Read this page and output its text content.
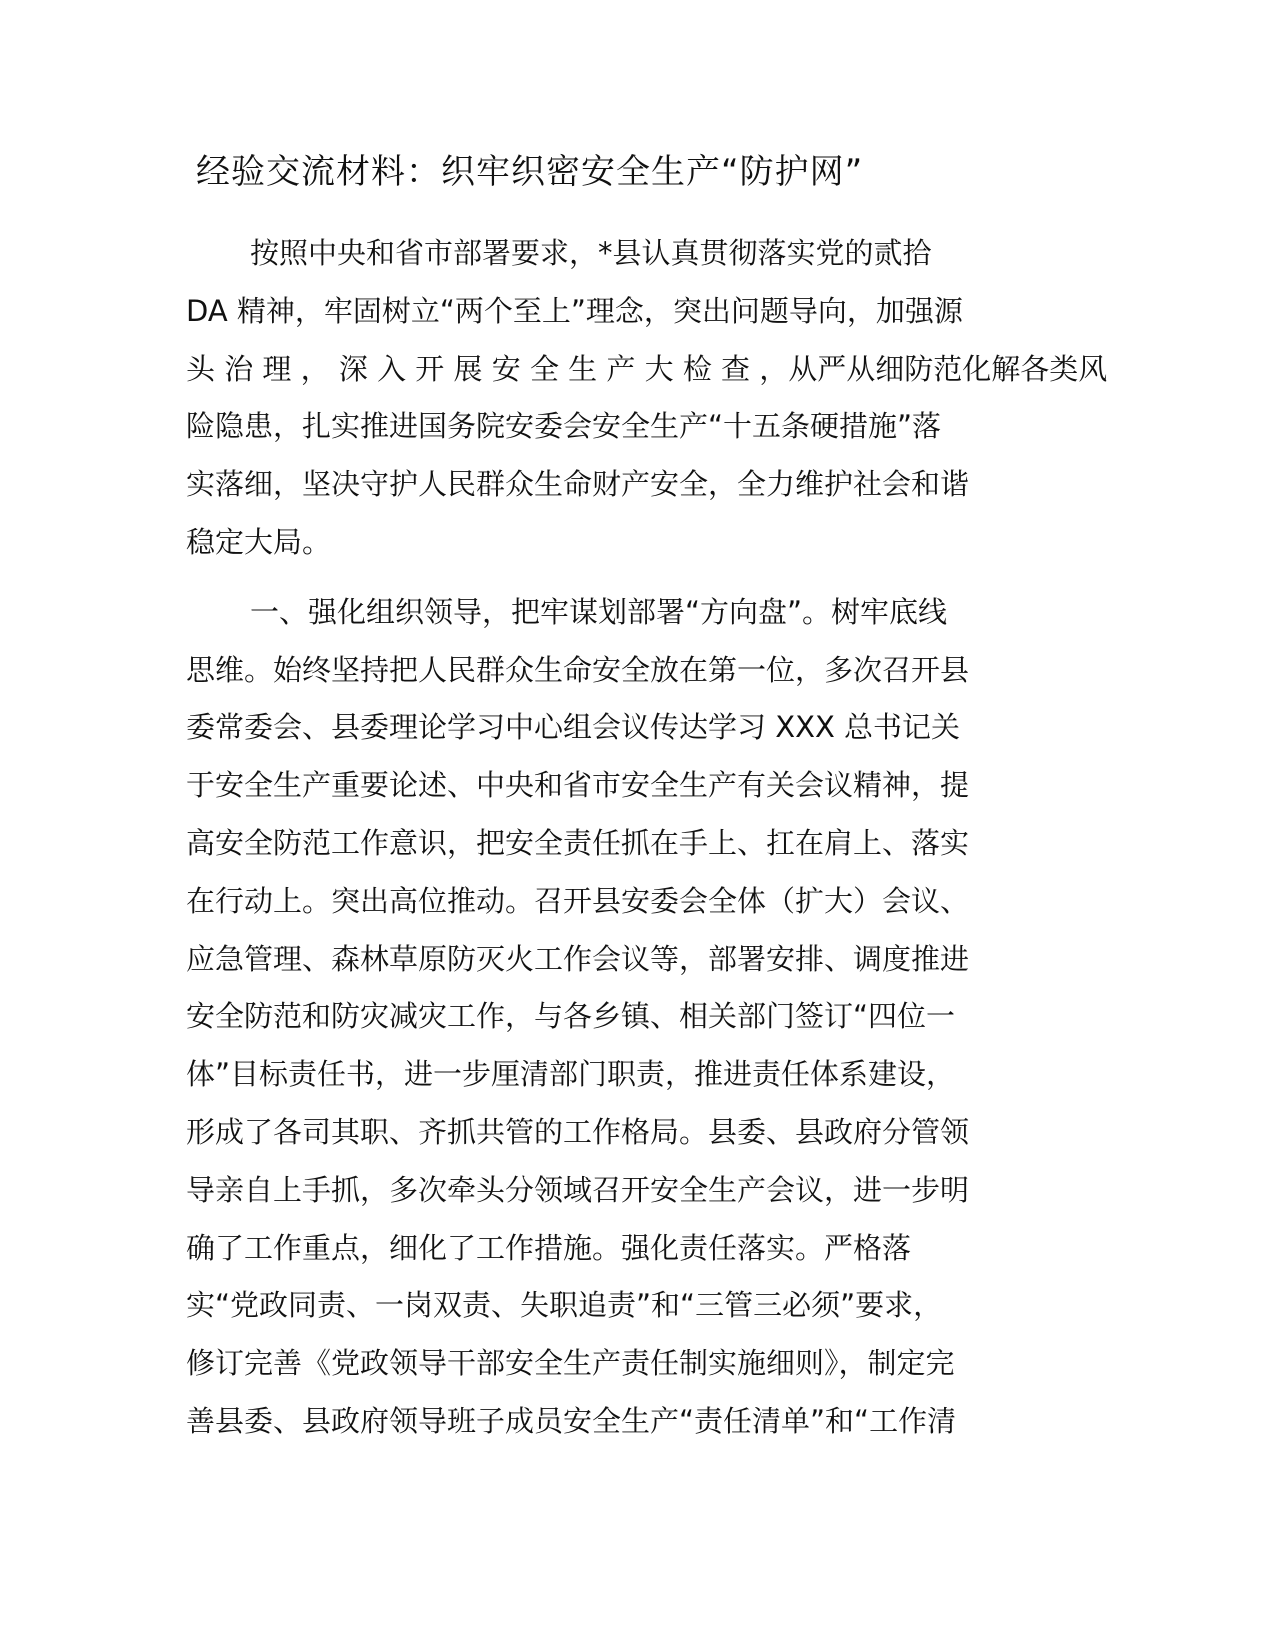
经验交流材料：织牢织密安全生产“防护网”
按照中央和省市部署要求，*县认真贯彻落实党的贰拾
DA 精神，牢固树立“两个至上”理念，突出问题导向，加强源
头 治 理 ， 深 入 开 展 安 全 生 产 大 检 查 ，从严从细防范化解各类风
险隐患，扎实推进国务院安委会安全生产“十五条硬措施”落
实落细，坚决守护人民群众生命财产安全，全力维护社会和谐
稳定大局。
一、强化组织领导，把牢谋划部署“方向盘”。树牢底线
思维。始终坚持把人民群众生命安全放在第一位，多次召开县
委常委会、县委理论学习中心组会议传达学习 XXX 总书记关
于安全生产重要论述、中央和省市安全生产有关会议精神，提
高安全防范工作意识，把安全责任抓在手上、扛在肩上、落实
在行动上。突出高位推动。召开县安委会全体（扩大）会议、
应急管理、森林草原防灭火工作会议等，部署安排、调度推进
安全防范和防灾减灾工作，与各乡镇、相关部门签订“四位一
体”目标责任书，进一步厘清部门职责，推进责任体系建设，
形成了各司其职、齐抓共管的工作格局。县委、县政府分管领
导亲自上手抓，多次牵头分领域召开安全生产会议，进一步明
确了工作重点，细化了工作措施。强化责任落实。严格落
实“党政同责、一岗双责、失职追责”和“三管三必须”要求，
修订完善《党政领导干部安全生产责任制实施细则》，制定完
善县委、县政府领导班子成员安全生产“责任清单”和“工作清
